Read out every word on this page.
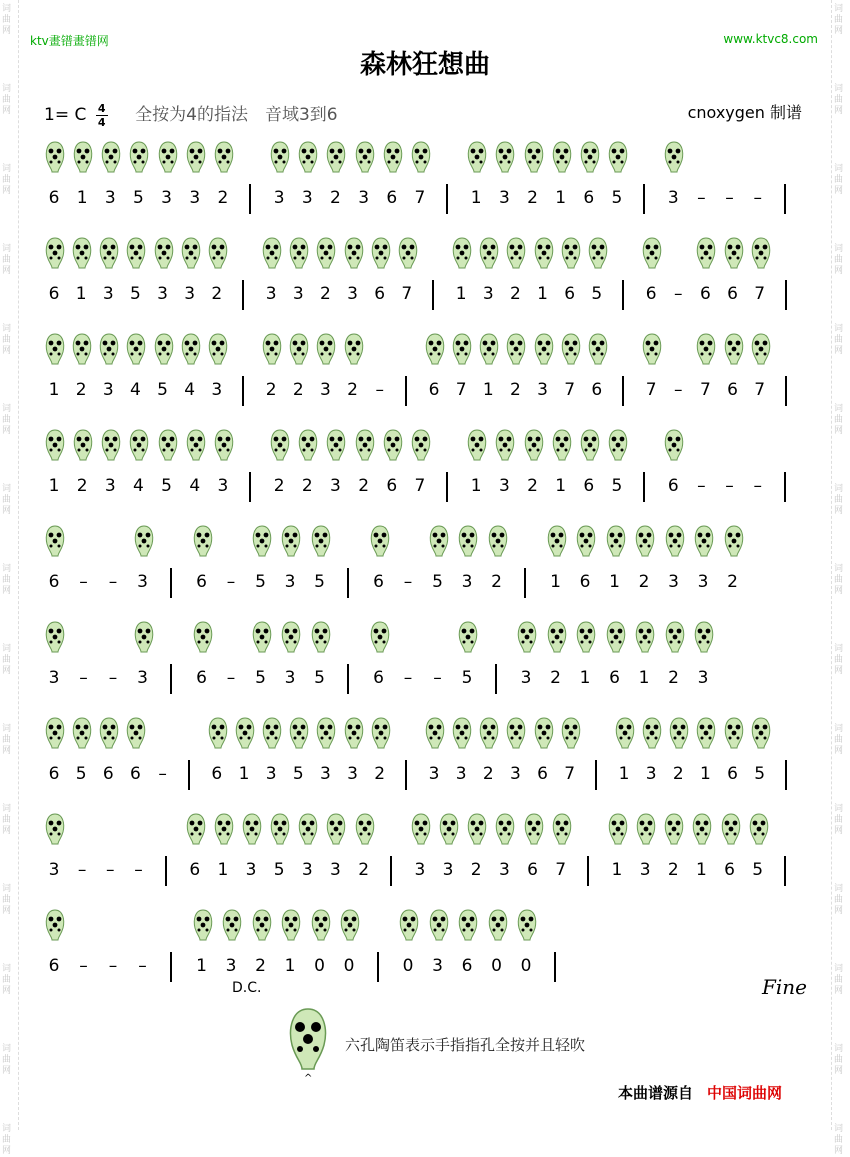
词
曲
网
词
曲
网
词
曲
网
词
曲
网
词
曲
网
词
曲
网
词
曲
网
词
曲
网
词
曲
网
词
曲
网
词
曲
网
词
曲
网
词
曲
网
词
曲
网
词
曲
网
词
曲
网
词
曲
网
词
曲
网
词
曲
网
词
曲
网
词
曲
网
词
曲
网
词
曲
网
词
曲
网
词
曲
网
词
曲
网
词
曲
网
词
曲
网
词
曲
网
词
曲
网
ktv畫镨畫镨网	www.ktvc8.com
森林狂想曲
1= C $\frac{4}{4}$ 全按为4的指法　音域3到6	cnoxygen 制谱
6 1 3 5 3 3 2	3 3 2 3 6 7	1 3 2 1 6 5	3	–	–	–
6 1 3 5 3 3 2	3 3 2 3 6 7	1 3 2 1 6 5	6	–	6 6 7
1 2 3 4 5 4 3	2 2 3 2	–	6 7 1 2 3 7 6	7	–	7 6 7
1 2 3 4 5 4 3	2 2 3 2 6 7	1 3 2 1 6 5	6	–	–	–
6	–	–	3	6	–	5 3 5	6	–	5 3 2	1 6 1 2 3 3 2
3	–	–	3	6	–	5 3 5	6	–	–	5	3 2 1 6 1 2 3
6 5 6 6	–	6 1 3 5 3 3 2	3 3 2 3 6 7	1 3 2 1 6 5
3	–	–	–	6 1 3 5 3 3 2	3 3 2 3 6 7	1 3 2 1 6 5
6	–	–	–	1 3 2 1 0 0	0 3 6 0 0
D.C.	Fine
^
六孔陶笛表示手指指孔全按并且轻吹
本曲谱源自 中国词曲网
